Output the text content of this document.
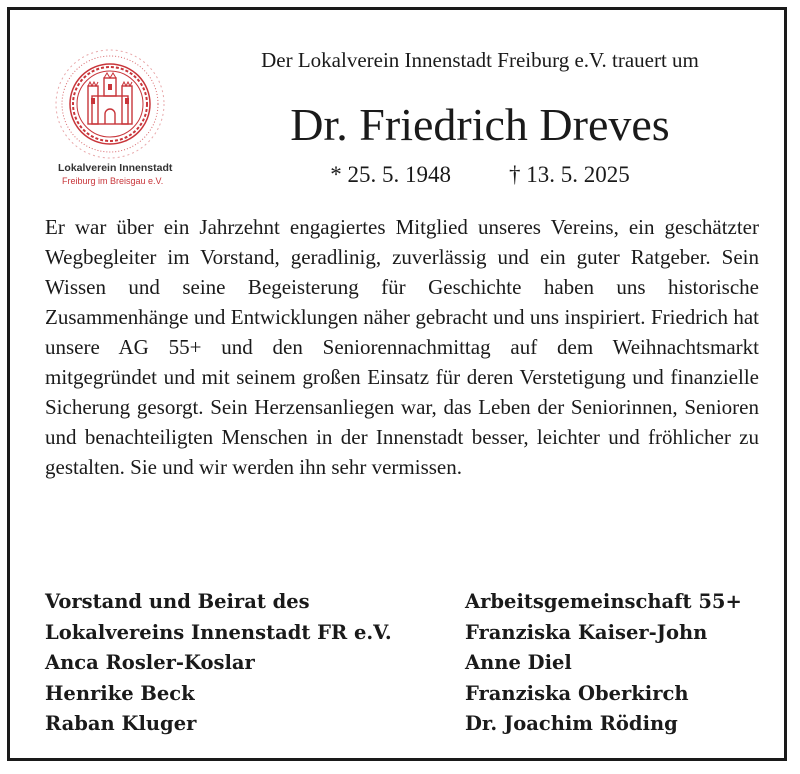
Lokalverein Innenstadt
Freiburg im Breisgau e.V.
Der Lokalverein Innenstadt Freiburg e.V. trauert um
Dr. Friedrich Dreves
* 25. 5. 1948	† 13. 5. 2025
Er war über ein Jahrzehnt engagiertes Mitglied unseres Vereins, ein geschätzter Wegbegleiter im Vorstand, geradlinig, zuverlässig und ein guter Ratgeber. Sein Wissen und seine Begeisterung für Geschichte haben uns historische Zusammenhänge und Entwicklungen näher gebracht und uns inspiriert. Friedrich hat unsere AG 55+ und den Seniorennachmittag auf dem Weihnachtsmarkt mitgegründet und mit seinem großen Einsatz für deren Verstetigung und finanzielle Sicherung gesorgt. Sein Herzensanliegen war, das Leben der Seniorinnen, Senioren und benachteiligten Menschen in der Innenstadt besser, leichter und fröhlicher zu gestalten. Sie und wir werden ihn sehr vermissen.
Vorstand und Beirat des
Lokalvereins Innenstadt FR e.V.
Anca Rosler-Koslar
Henrike Beck
Raban Kluger
Arbeitsgemeinschaft 55+
Franziska Kaiser-John
Anne Diel
Franziska Oberkirch
Dr. Joachim Röding
